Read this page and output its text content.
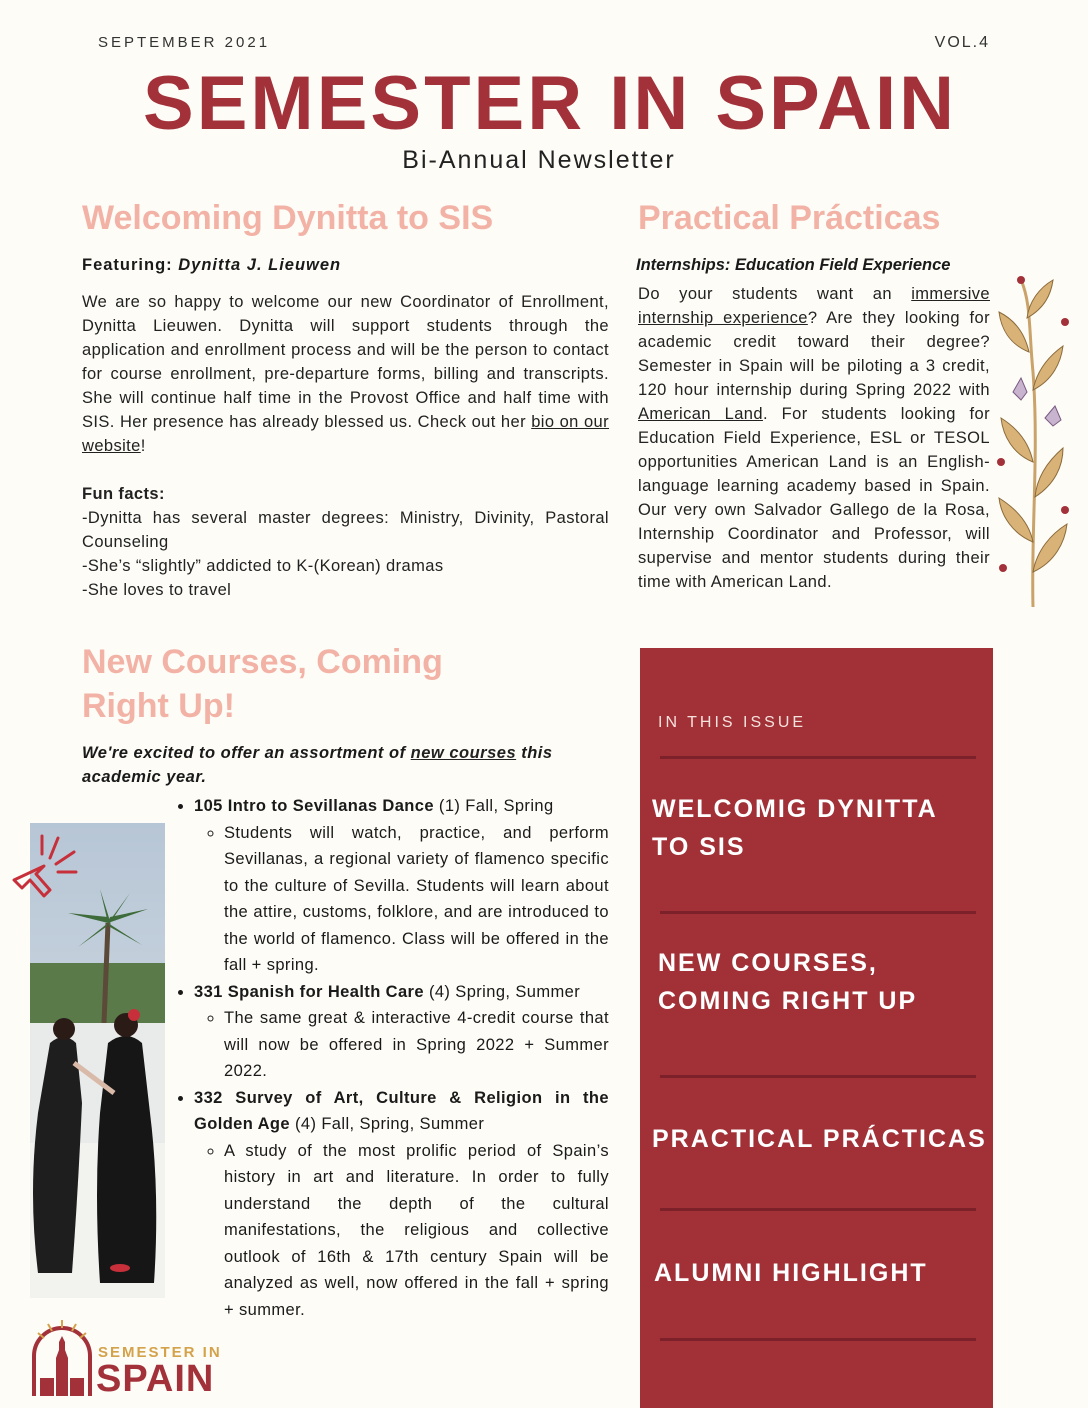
SEPTEMBER 2021	VOL.4
SEMESTER IN SPAIN
Bi-Annual Newsletter
Welcoming Dynitta to SIS
Featuring: Dynitta J. Lieuwen
We are so happy to welcome our new Coordinator of Enrollment, Dynitta Lieuwen. Dynitta will support students through the application and enrollment process and will be the person to contact for course enrollment, pre-departure forms, billing and transcripts. She will continue half time in the Provost Office and half time with SIS. Her presence has already blessed us. Check out her bio on our website!

Fun facts:

-Dynitta has several master degrees: Ministry, Divinity, Pastoral Counseling

-She’s “slightly” addicted to K-(Korean) dramas

-She loves to travel

Practical Prácticas
Internships: Education Field Experience
Do your students want an immersive internship experience? Are they looking for academic credit toward their degree? Semester in Spain will be piloting a 3 credit, 120 hour internship during Spring 2022 with American Land. For students looking for Education Field Experience, ESL or TESOL opportunities American Land is an English-language learning academy based in Spain. Our very own Salvador Gallego de la Rosa, Internship Coordinator and Professor, will supervise and mentor students during their time with American Land.
New Courses, Coming
Right Up!
We're excited to offer an assortment of new courses this academic year.
• 105 Intro to Sevillanas Dance (1) Fall, Spring
◦ Students will watch, practice, and perform Sevillanas, a regional variety of flamenco specific to the culture of Sevilla. Students will learn about the attire, customs, folklore, and are introduced to the world of flamenco. Class will be offered in the fall + spring.
• 331 Spanish for Health Care (4) Spring, Summer
◦ The same great & interactive 4-credit course that will now be offered in Spring 2022 + Summer 2022.
• 332 Survey of Art, Culture & Religion in the Golden Age (4) Fall, Spring, Summer
◦ A study of the most prolific period of Spain’s history in art and literature. In order to fully understand the depth of the cultural manifestations, the religious and collective outlook of 16th & 17th century Spain will be analyzed as well, now offered in the fall + spring + summer.
IN THIS ISSUE
WELCOMIG DYNITTA
TO SIS
NEW COURSES,
COMING RIGHT UP
PRACTICAL PRÁCTICAS
ALUMNI HIGHLIGHT
SEMESTER IN
SPAIN
